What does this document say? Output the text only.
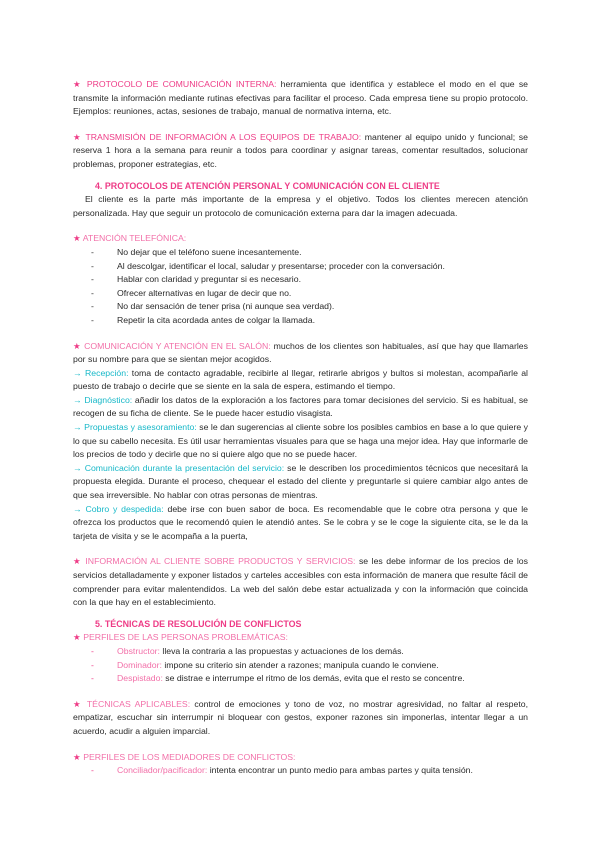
★ PROTOCOLO DE COMUNICACIÓN INTERNA: herramienta que identifica y establece el modo en el que se transmite la información mediante rutinas efectivas para facilitar el proceso. Cada empresa tiene su propio protocolo. Ejemplos: reuniones, actas, sesiones de trabajo, manual de normativa interna, etc.

★ TRANSMISIÓN DE INFORMACIÓN A LOS EQUIPOS DE TRABAJO: mantener al equipo unido y funcional; se reserva 1 hora a la semana para reunir a todos para coordinar y asignar tareas, comentar resultados, solucionar problemas, proponer estrategias, etc.

4. PROTOCOLOS DE ATENCIÓN PERSONAL Y COMUNICACIÓN CON EL CLIENTE

El cliente es la parte más importante de la empresa y el objetivo. Todos los clientes merecen atención personalizada. Hay que seguir un protocolo de comunicación externa para dar la imagen adecuada.

★ ATENCIÓN TELEFÓNICA:

- No dejar que el teléfono suene incesantemente.
- Al descolgar, identificar el local, saludar y presentarse; proceder con la conversación.
- Hablar con claridad y preguntar si es necesario.
- Ofrecer alternativas en lugar de decir que no.
- No dar sensación de tener prisa (ni aunque sea verdad).
- Repetir la cita acordada antes de colgar la llamada.

★ COMUNICACIÓN Y ATENCIÓN EN EL SALÓN: muchos de los clientes son habituales, así que hay que llamarles por su nombre para que se sientan mejor acogidos.

→ Recepción: toma de contacto agradable, recibirle al llegar, retirarle abrigos y bultos si molestan, acompañarle al puesto de trabajo o decirle que se siente en la sala de espera, estimando el tiempo.

→ Diagnóstico: añadir los datos de la exploración a los factores para tomar decisiones del servicio. Si es habitual, se recogen de su ficha de cliente. Se le puede hacer estudio visagista.

→ Propuestas y asesoramiento: se le dan sugerencias al cliente sobre los posibles cambios en base a lo que quiere y lo que su cabello necesita. Es útil usar herramientas visuales para que se haga una mejor idea. Hay que informarle de los precios de todo y decirle que no si quiere algo que no se puede hacer.

→ Comunicación durante la presentación del servicio: se le describen los procedimientos técnicos que necesitará la propuesta elegida. Durante el proceso, chequear el estado del cliente y preguntarle si quiere cambiar algo antes de que sea irreversible. No hablar con otras personas de mientras.

→ Cobro y despedida: debe irse con buen sabor de boca. Es recomendable que le cobre otra persona y que le ofrezca los productos que le recomendó quien le atendió antes. Se le cobra y se le coge la siguiente cita, se le da la tarjeta de visita y se le acompaña a la puerta,

★ INFORMACIÓN AL CLIENTE SOBRE PRODUCTOS Y SERVICIOS: se les debe informar de los precios de los servicios detalladamente y exponer listados y carteles accesibles con esta información de manera que resulte fácil de comprender para evitar malentendidos. La web del salón debe estar actualizada y con la información que coincida con la que hay en el establecimiento.

5. TÉCNICAS DE RESOLUCIÓN DE CONFLICTOS

★ PERFILES DE LAS PERSONAS PROBLEMÁTICAS:

- Obstructor: lleva la contraria a las propuestas y actuaciones de los demás.
- Dominador: impone su criterio sin atender a razones; manipula cuando le conviene.
- Despistado: se distrae e interrumpe el ritmo de los demás, evita que el resto se concentre.

★ TÉCNICAS APLICABLES: control de emociones y tono de voz, no mostrar agresividad, no faltar al respeto, empatizar, escuchar sin interrumpir ni bloquear con gestos, exponer razones sin imponerlas, intentar llegar a un acuerdo, acudir a alguien imparcial.

★ PERFILES DE LOS MEDIADORES DE CONFLICTOS:

- Conciliador/pacificador: intenta encontrar un punto medio para ambas partes y quita tensión.
